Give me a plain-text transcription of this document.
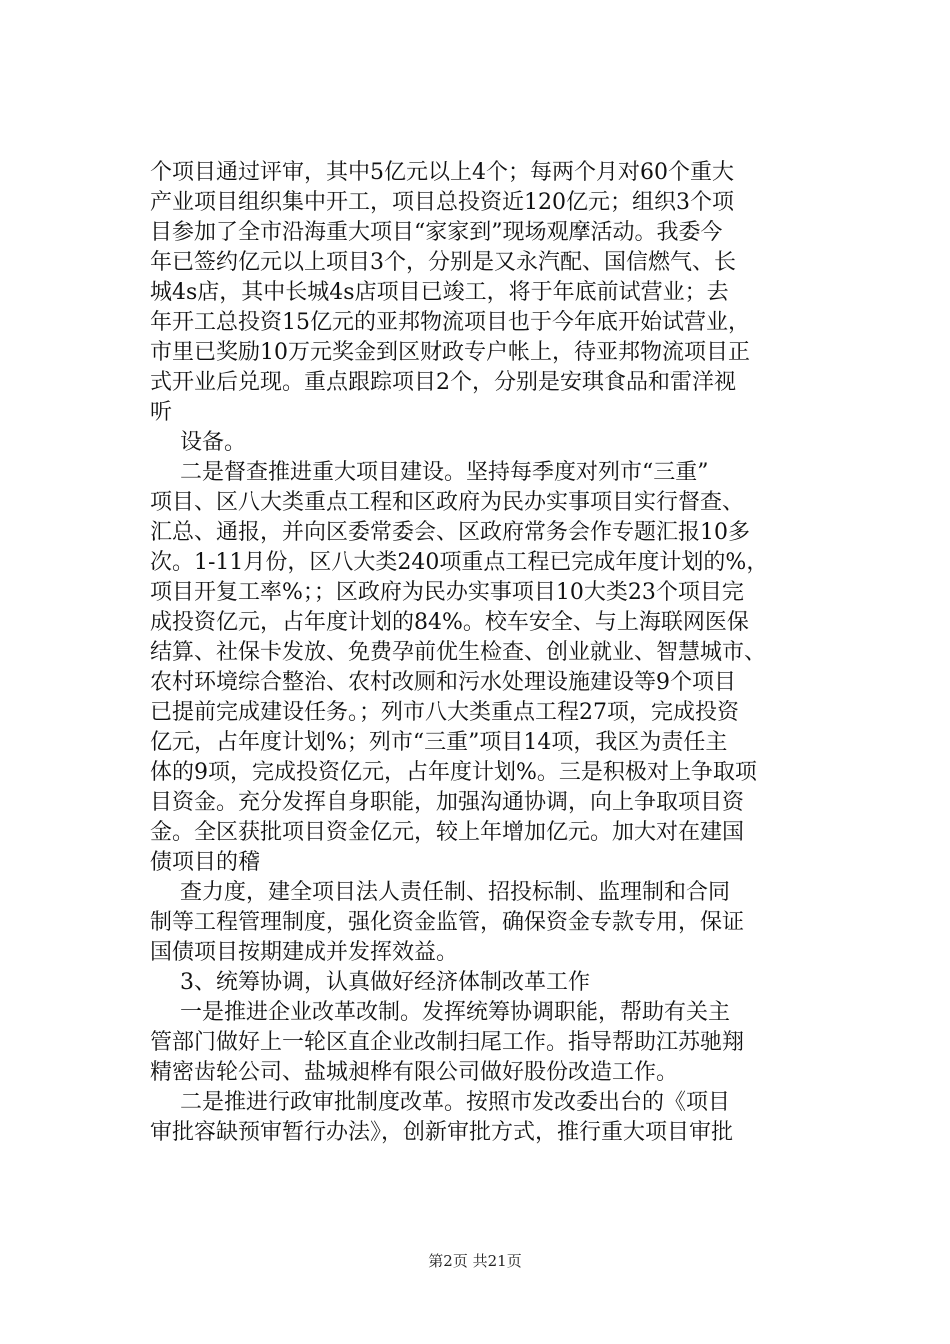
个项目通过评审，其中5亿元以上4个；每两个月对60个重大
产业项目组织集中开工，项目总投资近120亿元；组织3个项
目参加了全市沿海重大项目“家家到”现场观摩活动。我委今
年已签约亿元以上项目3个，分别是又永汽配、国信燃气、长
城4s店，其中长城4s店项目已竣工，将于年底前试营业；去
年开工总投资15亿元的亚邦物流项目也于今年底开始试营业，
市里已奖励10万元奖金到区财政专户帐上，待亚邦物流项目正
式开业后兑现。重点跟踪项目2个，分别是安琪食品和雷洋视
听
设备。
二是督查推进重大项目建设。坚持每季度对列市“三重”
项目、区八大类重点工程和区政府为民办实事项目实行督查、
汇总、通报，并向区委常委会、区政府常务会作专题汇报10多
次。1-11月份，区八大类240项重点工程已完成年度计划的%，
项目开复工率%；；区政府为民办实事项目10大类23个项目完
成投资亿元，占年度计划的84%。校车安全、与上海联网医保
结算、社保卡发放、免费孕前优生检查、创业就业、智慧城市、
农村环境综合整治、农村改厕和污水处理设施建设等9个项目
已提前完成建设任务。；列市八大类重点工程27项，完成投资
亿元，占年度计划%；列市“三重”项目14项，我区为责任主
体的9项，完成投资亿元，占年度计划%。三是积极对上争取项
目资金。充分发挥自身职能，加强沟通协调，向上争取项目资
金。全区获批项目资金亿元，较上年增加亿元。加大对在建国
债项目的稽
查力度，建全项目法人责任制、招投标制、监理制和合同
制等工程管理制度，强化资金监管，确保资金专款专用，保证
国债项目按期建成并发挥效益。
3、统筹协调，认真做好经济体制改革工作
一是推进企业改革改制。发挥统筹协调职能，帮助有关主
管部门做好上一轮区直企业改制扫尾工作。指导帮助江苏驰翔
精密齿轮公司、盐城昶桦有限公司做好股份改造工作。
二是推进行政审批制度改革。按照市发改委出台的《项目
审批容缺预审暂行办法》，创新审批方式，推行重大项目审批
第2页 共21页
